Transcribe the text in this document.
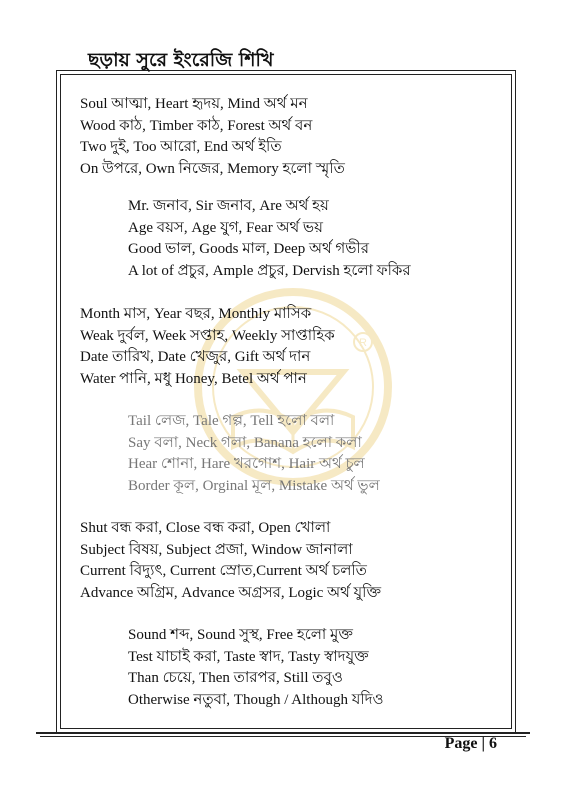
ছড়ায় সুরে ইংরেজি শিখি
R
Soul আত্মা, Heart হৃদয়, Mind অর্থ মন
Wood কাঠ, Timber কাঠ, Forest অর্থ বন
Two দুই, Too আরো, End অর্থ ইতি
On উপরে, Own নিজের, Memory হলো স্মৃতি
Mr. জনাব, Sir জনাব, Are অর্থ হয়
Age বয়স, Age যুগ, Fear অর্থ ভয়
Good ভাল, Goods মাল, Deep অর্থ গভীর
A lot of প্রচুর, Ample প্রচুর, Dervish হলো ফকির
Month মাস, Year বছর, Monthly মাসিক
Weak দুর্বল, Week সপ্তাহ, Weekly সাপ্তাহিক
Date তারিখ, Date খেজুর, Gift অর্থ দান
Water পানি, মধু Honey, Betel অর্থ পান
Tail লেজ, Tale গল্প, Tell হলো বলা
Say বলা, Neck গলা, Banana হলো কলা
Hear শোনা, Hare খরগোশ, Hair অর্থ চুল
Border কূল, Orginal মূল, Mistake অর্থ ভুল
Shut বন্ধ করা, Close বন্ধ করা, Open খোলা
Subject বিষয়, Subject প্রজা, Window জানালা
Current বিদ্যুৎ, Current স্রোত,Current অর্থ চলতি
Advance অগ্রিম, Advance অগ্রসর, Logic অর্থ যুক্তি
Sound শব্দ, Sound সুস্থ, Free হলো মুক্ত
Test যাচাই করা, Taste স্বাদ, Tasty স্বাদযুক্ত
Than চেয়ে, Then তারপর, Still তবুও
Otherwise নতুবা, Though / Although যদিও
Page | 6
